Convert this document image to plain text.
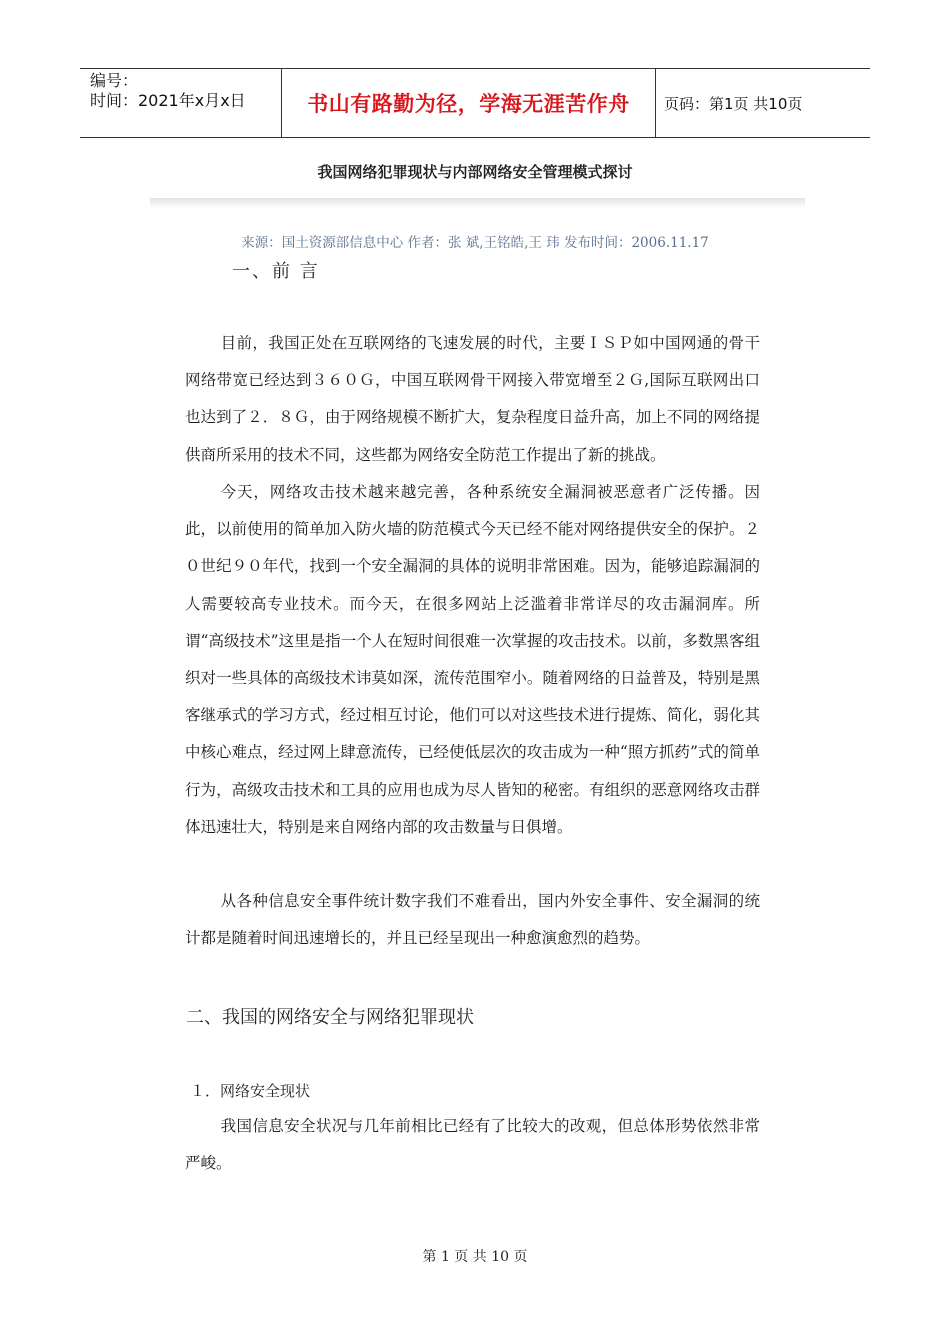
编号：
时间：2021年x月x日	书山有路勤为径，学海无涯苦作舟 页码：第1页 共10页
我国网络犯罪现状与内部网络安全管理模式探讨
来源：国土资源部信息中心 作者：张 斌,王铭皓,王 玮 发布时间：2006.11.17
一、前 言
目前，我国正处在互联网络的飞速发展的时代，主要ＩＳＰ如中国网通的骨干网络带宽已经达到３６０Ｇ，中国互联网骨干网接入带宽增至２Ｇ,国际互联网出口也达到了２．８Ｇ，由于网络规模不断扩大，复杂程度日益升高，加上不同的网络提供商所采用的技术不同，这些都为网络安全防范工作提出了新的挑战。
今天，网络攻击技术越来越完善，各种系统安全漏洞被恶意者广泛传播。因此，以前使用的简单加入防火墙的防范模式今天已经不能对网络提供安全的保护。２０世纪９０年代，找到一个安全漏洞的具体的说明非常困难。因为，能够追踪漏洞的人需要较高专业技术。而今天，在很多网站上泛滥着非常详尽的攻击漏洞库。所谓“高级技术”这里是指一个人在短时间很难一次掌握的攻击技术。以前，多数黑客组织对一些具体的高级技术讳莫如深，流传范围窄小。随着网络的日益普及，特别是黑客继承式的学习方式，经过相互讨论，他们可以对这些技术进行提炼、简化，弱化其中核心难点，经过网上肆意流传，已经使低层次的攻击成为一种“照方抓药”式的简单行为，高级攻击技术和工具的应用也成为尽人皆知的秘密。有组织的恶意网络攻击群体迅速壮大，特别是来自网络内部的攻击数量与日俱增。
从各种信息安全事件统计数字我们不难看出，国内外安全事件、安全漏洞的统计都是随着时间迅速增长的，并且已经呈现出一种愈演愈烈的趋势。
二、我国的网络安全与网络犯罪现状
１．网络安全现状
我国信息安全状况与几年前相比已经有了比较大的改观，但总体形势依然非常严峻。
第 1 页 共 10 页
